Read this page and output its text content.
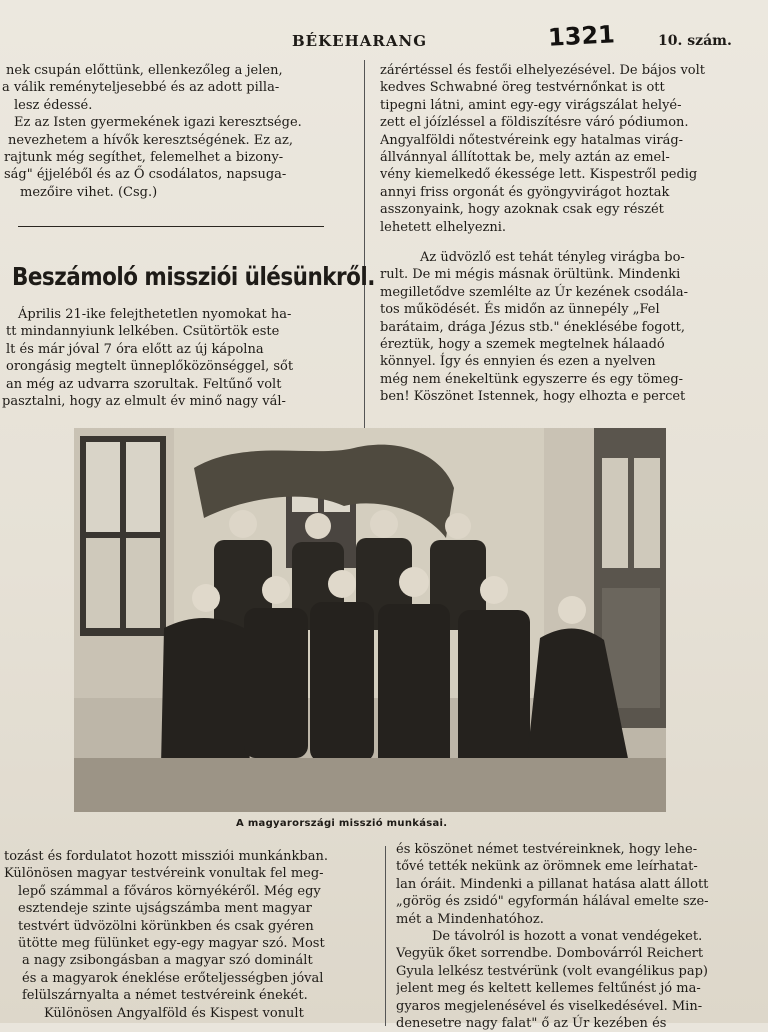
BÉKEHARANG	1321	10. szám.

nek csupán előttünk, ellenkezőleg a jelen,

a válik reményteljesebbé és az adott pilla-

lesz édessé.

Ez az Isten gyermekének igazi keresztsége.

nevezhetem a hívők keresztségének. Ez az,

rajtunk még segíthet, felemelhet a bizony-

ság" éjjeléből és az Ő csodálatos, napsuga-

mezőire vihet. (Csg.)

zárértéssel és festői elhelyezésével. De bájos volt

kedves Schwabné öreg testvérnőnkat is ott

tipegni látni, amint egy-egy virágszálat helyé-

zett el jóízléssel a földiszítésre váró pódiumon.

Angyalföldi nőtestvéreink egy hatalmas virág-

állvánnyal állítottak be, mely aztán az emel-

vény kiemelkedő ékessége lett. Kispestről pedig

annyi friss orgonát és gyöngyvirágot hoztak

asszonyaink, hogy azoknak csak egy részét

lehetett elhelyezni.

Beszámoló missziói ülésünkről.

Április 21-ike felejthetetlen nyomokat ha-

tt mindannyiunk lelkében. Csütörtök este

lt és már jóval 7 óra előtt az új kápolna

orongásig megtelt ünneplőközönséggel, sőt

an még az udvarra szorultak. Feltűnő volt

pasztalni, hogy az elmult év minő nagy vál-

Az üdvözlő est tehát tényleg virágba bo-

rult. De mi mégis másnak örültünk. Mindenki

megilletődve szemlélte az Úr kezének csodála-

tos működését. És midőn az ünnepély „Fel

barátaim, drága Jézus stb." éneklésébe fogott,

éreztük, hogy a szemek megtelnek hálaadó

könnyel. Így és ennyien és ezen a nyelven

még nem énekeltünk egyszerre és egy tömeg-

ben! Köszönet Istennek, hogy elhozta e percet

A magyarországi misszió munkásai.

tozást és fordulatot hozott missziói munkánkban.

Különösen magyar testvéreink vonultak fel meg-

lepő számmal a főváros környékéről. Még egy

esztendeje szinte ujságszámba ment magyar

testvért üdvözölni körünkben és csak gyéren

ütötte meg fülünket egy-egy magyar szó. Most

a nagy zsibongásban a magyar szó dominált

és a magyarok éneklése erőteljességben jóval

felülszárnyalta a német testvéreink énekét.

Különösen Angyalföld és Kispest vonult

és köszönet német testvéreinknek, hogy lehe-

tővé tették nekünk az örömnek eme leírhatat-

lan óráit. Mindenki a pillanat hatása alatt állott

„görög és zsidó" egyformán hálával emelte sze-

mét a Mindenhatóhoz.

De távolról is hozott a vonat vendégeket.

Vegyük őket sorrendbe. Dombovárról Reichert

Gyula lelkész testvérünk (volt evangélikus pap)

jelent meg és keltett kellemes feltűnést jó ma-

gyaros megjelenésével és viselkedésével. Min-

denesetre nagy falat" ő az Úr kezében és
